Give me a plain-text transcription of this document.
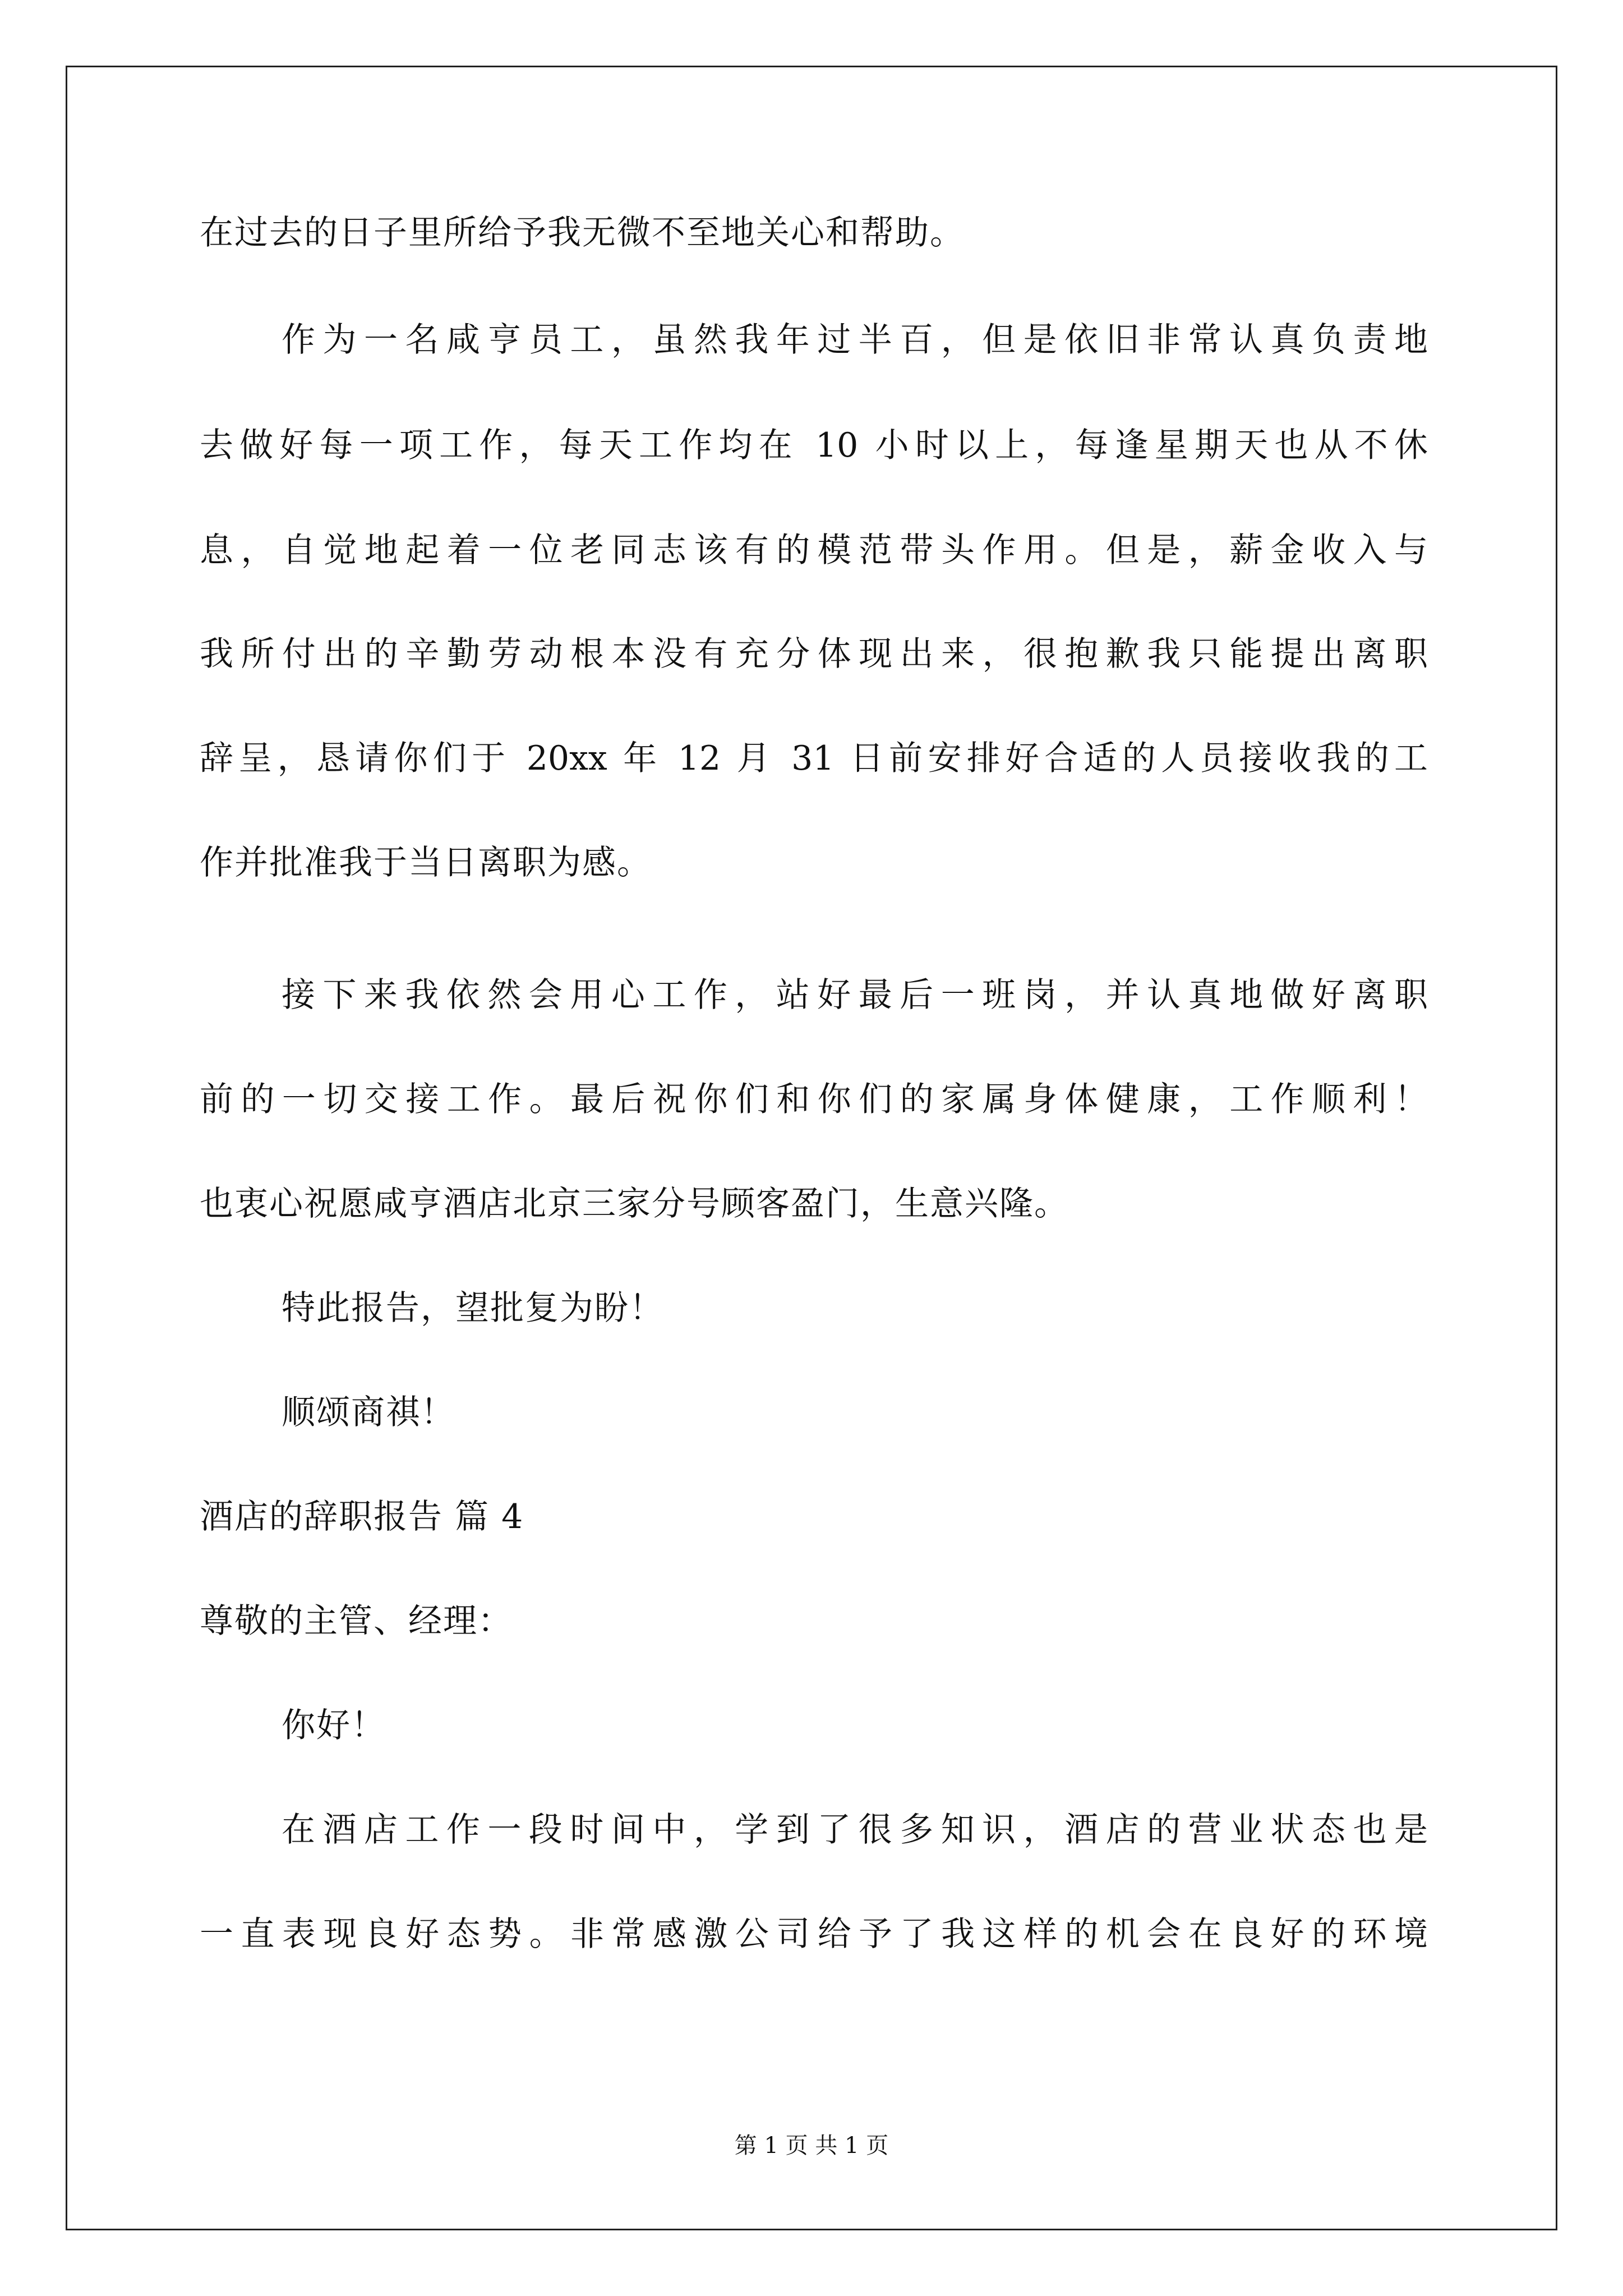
在过去的日子里所给予我无微不至地关心和帮助。
作为一名咸亨员工，虽然我年过半百，但是依旧非常认真负责地
去做好每一项工作，每天工作均在 10 小时以上，每逢星期天也从不休
息，自觉地起着一位老同志该有的模范带头作用。但是，薪金收入与
我所付出的辛勤劳动根本没有充分体现出来，很抱歉我只能提出离职
辞呈，恳请你们于 20xx 年 12 月 31 日前安排好合适的人员接收我的工
作并批准我于当日离职为感。
接下来我依然会用心工作，站好最后一班岗，并认真地做好离职
前的一切交接工作。最后祝你们和你们的家属身体健康，工作顺利！
也衷心祝愿咸亨酒店北京三家分号顾客盈门，生意兴隆。
特此报告，望批复为盼！
顺颂商祺！
酒店的辞职报告 篇 4
尊敬的主管、经理：
你好！
在酒店工作一段时间中，学到了很多知识，酒店的营业状态也是
一直表现良好态势。非常感激公司给予了我这样的机会在良好的环境
第 1 页 共 1 页
